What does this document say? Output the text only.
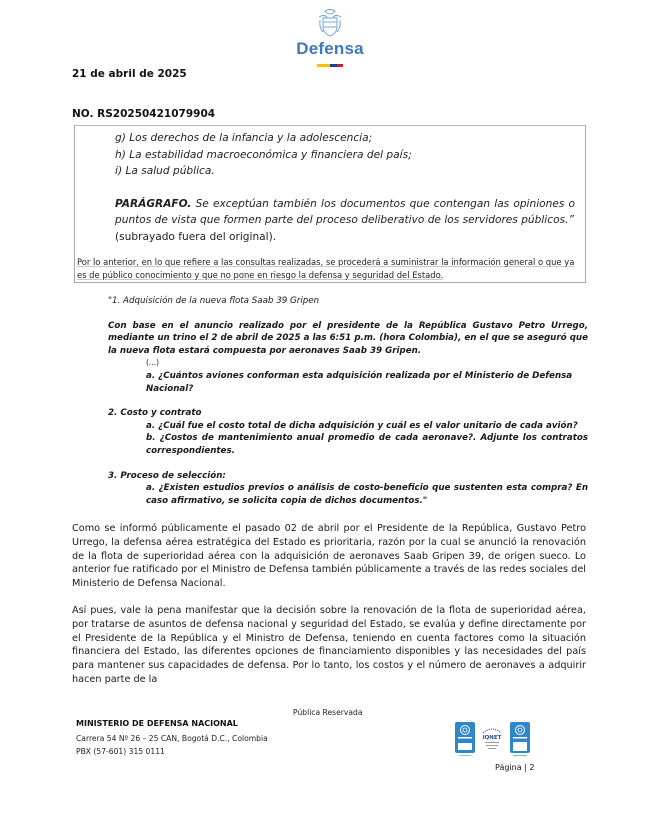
Defensa
21 de abril de 2025
NO. RS20250421079904
g) Los derechos de la infancia y la adolescencia;
h) La estabilidad macroeconómica y financiera del país;
i) La salud pública.
PARÁGRAFO. Se exceptúan también los documentos que contengan las opiniones o puntos de vista que formen parte del proceso deliberativo de los servidores públicos.”
(subrayado fuera del original).
Por lo anterior, en lo que refiere a las consultas realizadas, se procederá a suministrar la información general o que ya es de público conocimiento y que no pone en riesgo la defensa y seguridad del Estado.
"1. Adquisición de la nueva flota Saab 39 Gripen
Con base en el anuncio realizado por el presidente de la República Gustavo Petro Urrego, mediante un trino el 2 de abril de 2025 a las 6:51 p.m. (hora Colombia), en el que se aseguró que la nueva flota estará compuesta por aeronaves Saab 39 Gripen.
(...)
a. ¿Cuántos aviones conforman esta adquisición realizada por el Ministerio de Defensa Nacional?
2. Costo y contrato
a. ¿Cuál fue el costo total de dicha adquisición y cuál es el valor unitario de cada avión?
b. ¿Costos de mantenimiento anual promedio de cada aeronave?. Adjunte los contratos correspondientes.
3. Proceso de selección:
a. ¿Existen estudios previos o análisis de costo-beneficio que sustenten esta compra? En caso afirmativo, se solicita copia de dichos documentos."
Como se informó públicamente el pasado 02 de abril por el Presidente de la República, Gustavo Petro Urrego, la defensa aérea estratégica del Estado es prioritaria, razón por la cual se anunció la renovación de la flota de superioridad aérea con la adquisición de aeronaves Saab Gripen 39, de origen sueco. Lo anterior fue ratificado por el Ministro de Defensa también públicamente a través de las redes sociales del Ministerio de Defensa Nacional.
Así pues, vale la pena manifestar que la decisión sobre la renovación de la flota de superioridad aérea, por tratarse de asuntos de defensa nacional y seguridad del Estado, se evalúa y define directamente por el Presidente de la República y el Ministro de Defensa, teniendo en cuenta factores como la situación financiera del Estado, las diferentes opciones de financiamiento disponibles y las necesidades del país para mantener sus capacidades de defensa. Por lo tanto, los costos y el número de aeronaves a adquirir hacen parte de la
Pública Reservada
MINISTERIO DE DEFENSA NACIONAL
Carrera 54 Nº 26 – 25 CAN, Bogotá D.C., Colombia
PBX (57-601) 315 0111
IQNET
Página | 2
